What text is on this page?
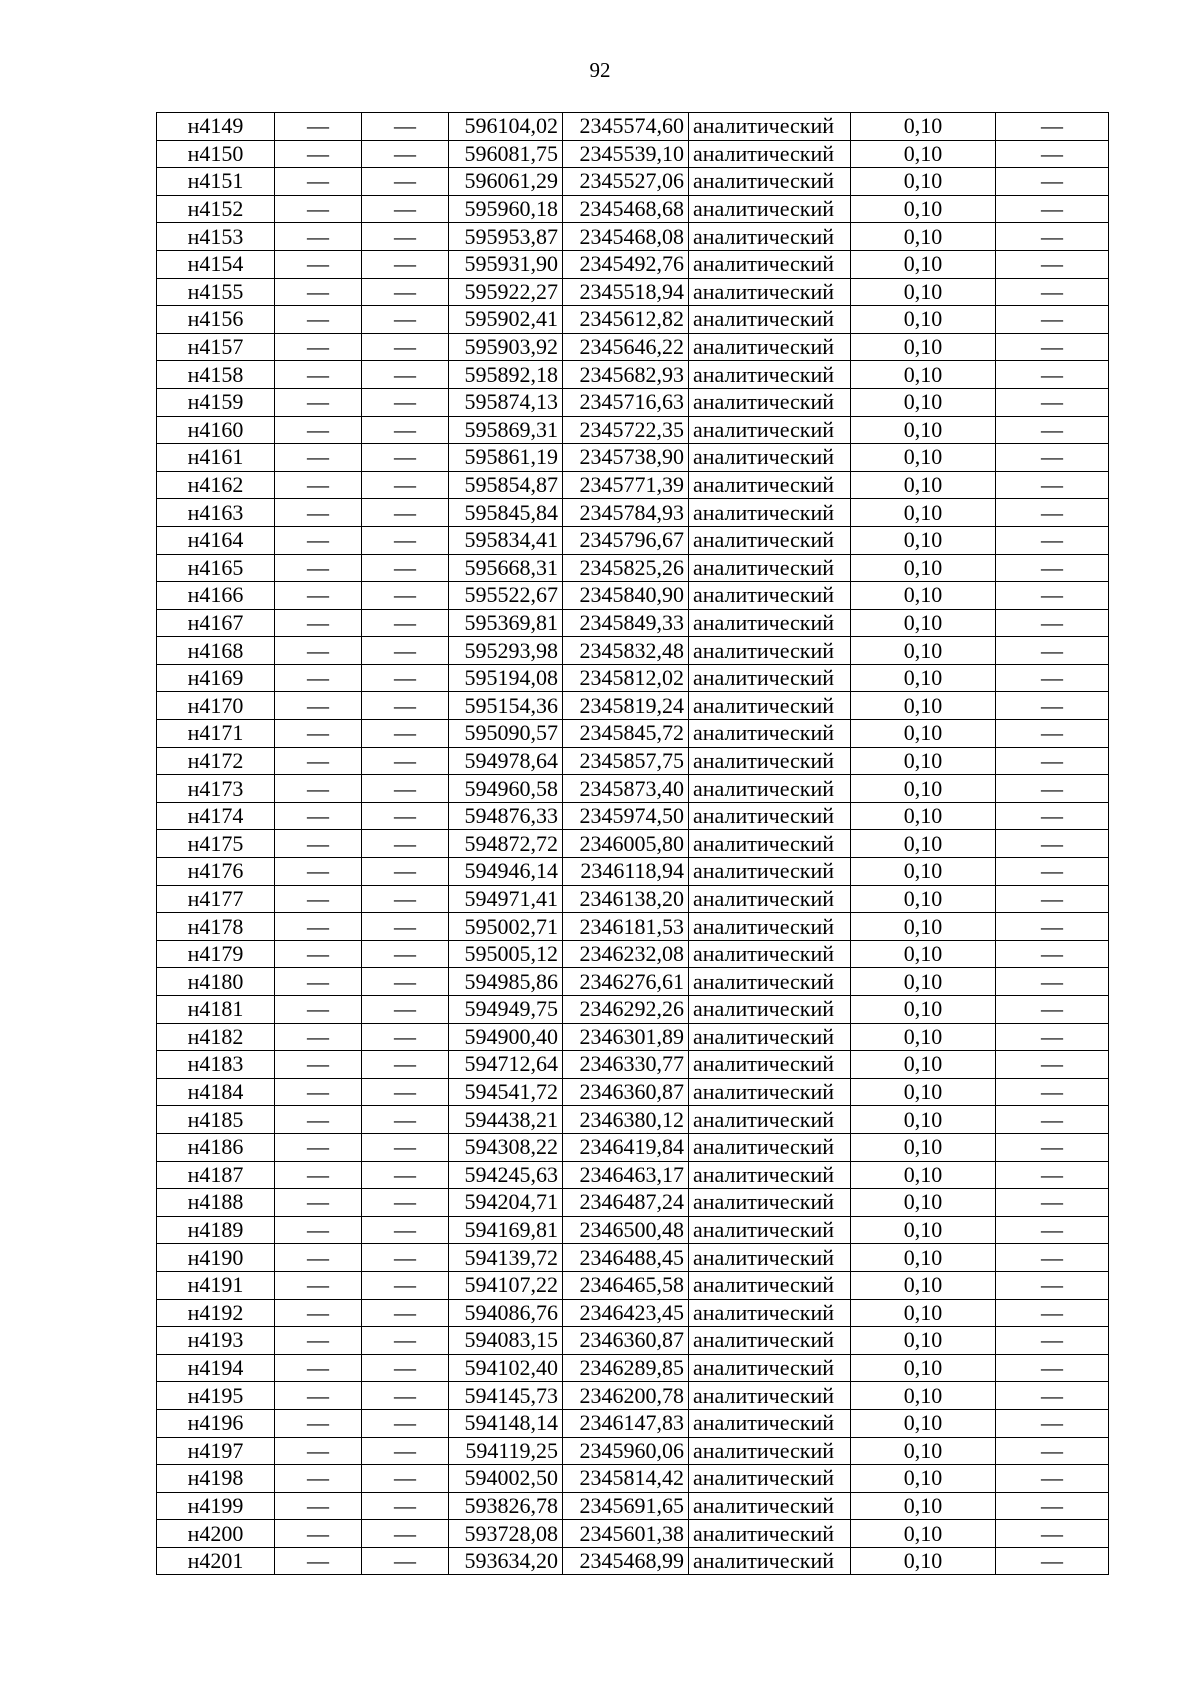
92
н4149	—	—	596104,02	2345574,60	аналитический	0,10	—
н4150	—	—	596081,75	2345539,10	аналитический	0,10	—
н4151	—	—	596061,29	2345527,06	аналитический	0,10	—
н4152	—	—	595960,18	2345468,68	аналитический	0,10	—
н4153	—	—	595953,87	2345468,08	аналитический	0,10	—
н4154	—	—	595931,90	2345492,76	аналитический	0,10	—
н4155	—	—	595922,27	2345518,94	аналитический	0,10	—
н4156	—	—	595902,41	2345612,82	аналитический	0,10	—
н4157	—	—	595903,92	2345646,22	аналитический	0,10	—
н4158	—	—	595892,18	2345682,93	аналитический	0,10	—
н4159	—	—	595874,13	2345716,63	аналитический	0,10	—
н4160	—	—	595869,31	2345722,35	аналитический	0,10	—
н4161	—	—	595861,19	2345738,90	аналитический	0,10	—
н4162	—	—	595854,87	2345771,39	аналитический	0,10	—
н4163	—	—	595845,84	2345784,93	аналитический	0,10	—
н4164	—	—	595834,41	2345796,67	аналитический	0,10	—
н4165	—	—	595668,31	2345825,26	аналитический	0,10	—
н4166	—	—	595522,67	2345840,90	аналитический	0,10	—
н4167	—	—	595369,81	2345849,33	аналитический	0,10	—
н4168	—	—	595293,98	2345832,48	аналитический	0,10	—
н4169	—	—	595194,08	2345812,02	аналитический	0,10	—
н4170	—	—	595154,36	2345819,24	аналитический	0,10	—
н4171	—	—	595090,57	2345845,72	аналитический	0,10	—
н4172	—	—	594978,64	2345857,75	аналитический	0,10	—
н4173	—	—	594960,58	2345873,40	аналитический	0,10	—
н4174	—	—	594876,33	2345974,50	аналитический	0,10	—
н4175	—	—	594872,72	2346005,80	аналитический	0,10	—
н4176	—	—	594946,14	2346118,94	аналитический	0,10	—
н4177	—	—	594971,41	2346138,20	аналитический	0,10	—
н4178	—	—	595002,71	2346181,53	аналитический	0,10	—
н4179	—	—	595005,12	2346232,08	аналитический	0,10	—
н4180	—	—	594985,86	2346276,61	аналитический	0,10	—
н4181	—	—	594949,75	2346292,26	аналитический	0,10	—
н4182	—	—	594900,40	2346301,89	аналитический	0,10	—
н4183	—	—	594712,64	2346330,77	аналитический	0,10	—
н4184	—	—	594541,72	2346360,87	аналитический	0,10	—
н4185	—	—	594438,21	2346380,12	аналитический	0,10	—
н4186	—	—	594308,22	2346419,84	аналитический	0,10	—
н4187	—	—	594245,63	2346463,17	аналитический	0,10	—
н4188	—	—	594204,71	2346487,24	аналитический	0,10	—
н4189	—	—	594169,81	2346500,48	аналитический	0,10	—
н4190	—	—	594139,72	2346488,45	аналитический	0,10	—
н4191	—	—	594107,22	2346465,58	аналитический	0,10	—
н4192	—	—	594086,76	2346423,45	аналитический	0,10	—
н4193	—	—	594083,15	2346360,87	аналитический	0,10	—
н4194	—	—	594102,40	2346289,85	аналитический	0,10	—
н4195	—	—	594145,73	2346200,78	аналитический	0,10	—
н4196	—	—	594148,14	2346147,83	аналитический	0,10	—
н4197	—	—	594119,25	2345960,06	аналитический	0,10	—
н4198	—	—	594002,50	2345814,42	аналитический	0,10	—
н4199	—	—	593826,78	2345691,65	аналитический	0,10	—
н4200	—	—	593728,08	2345601,38	аналитический	0,10	—
н4201	—	—	593634,20	2345468,99	аналитический	0,10	—
